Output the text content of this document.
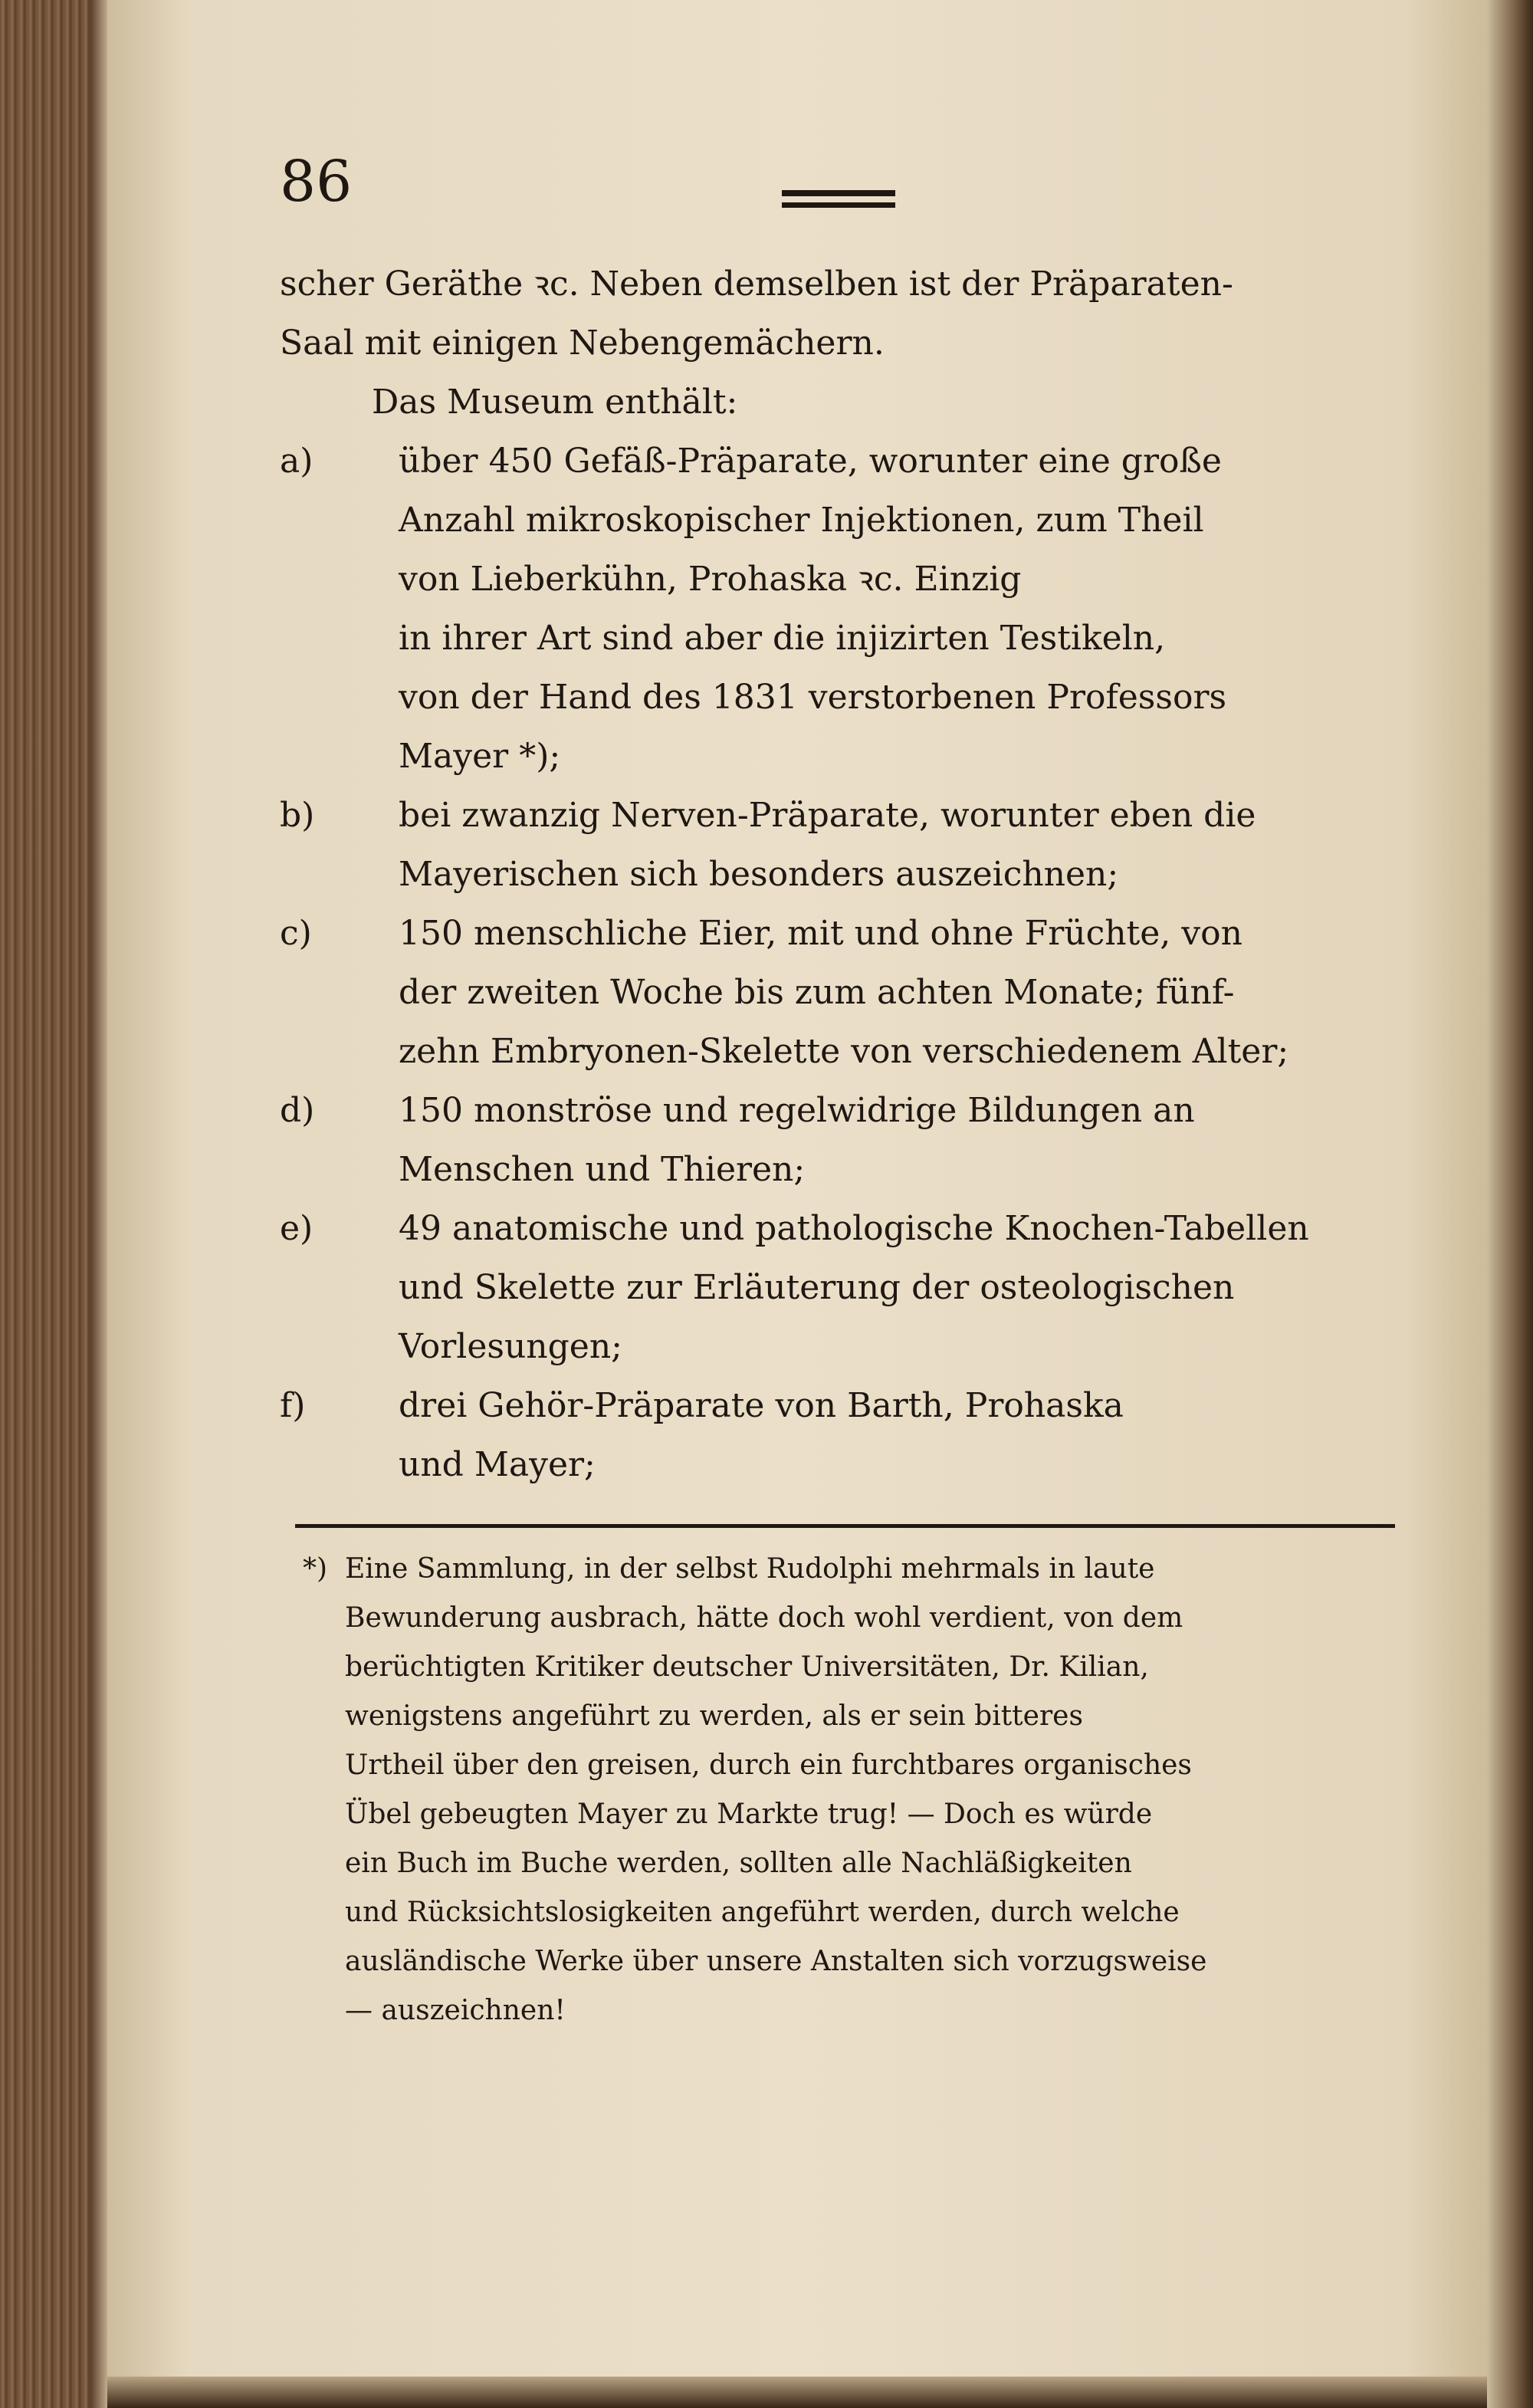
86
scher Geräthe ꝛc. Neben demselben ist der Präparaten-
Saal mit einigen Nebengemächern.
Das Museum enthält:
a)	über 450 Gefäß-Präparate, worunter eine große
Anzahl mikroskopischer Injektionen, zum Theil
von Lieberkühn, Prohaska ꝛc. Einzig
in ihrer Art sind aber die injizirten Testikeln,
von der Hand des 1831 verstorbenen Professors
Mayer *);
b) bei zwanzig Nerven-Präparate, worunter eben die
Mayerischen sich besonders auszeichnen;
c)	150 menschliche Eier, mit und ohne Früchte, von
der zweiten Woche bis zum achten Monate; fünf-
zehn Embryonen-Skelette von verschiedenem Alter;
d) 150 monströse und regelwidrige Bildungen an
Menschen und Thieren;
e)	49 anatomische und pathologische Knochen-Tabellen
und Skelette zur Erläuterung der osteologischen
Vorlesungen;
f)	drei Gehör-Präparate von Barth, Prohaska
und Mayer;
*) Eine Sammlung, in der selbst Rudolphi mehrmals in laute
Bewunderung ausbrach, hätte doch wohl verdient, von dem
berüchtigten Kritiker deutscher Universitäten, Dr. Kilian,
wenigstens angeführt zu werden, als er sein bitteres
Urtheil über den greisen, durch ein furchtbares organisches
Übel gebeugten Mayer zu Markte trug! — Doch es würde
ein Buch im Buche werden, sollten alle Nachläßigkeiten
und Rücksichtslosigkeiten angeführt werden, durch welche
ausländische Werke über unsere Anstalten sich vorzugsweise
— auszeichnen!
